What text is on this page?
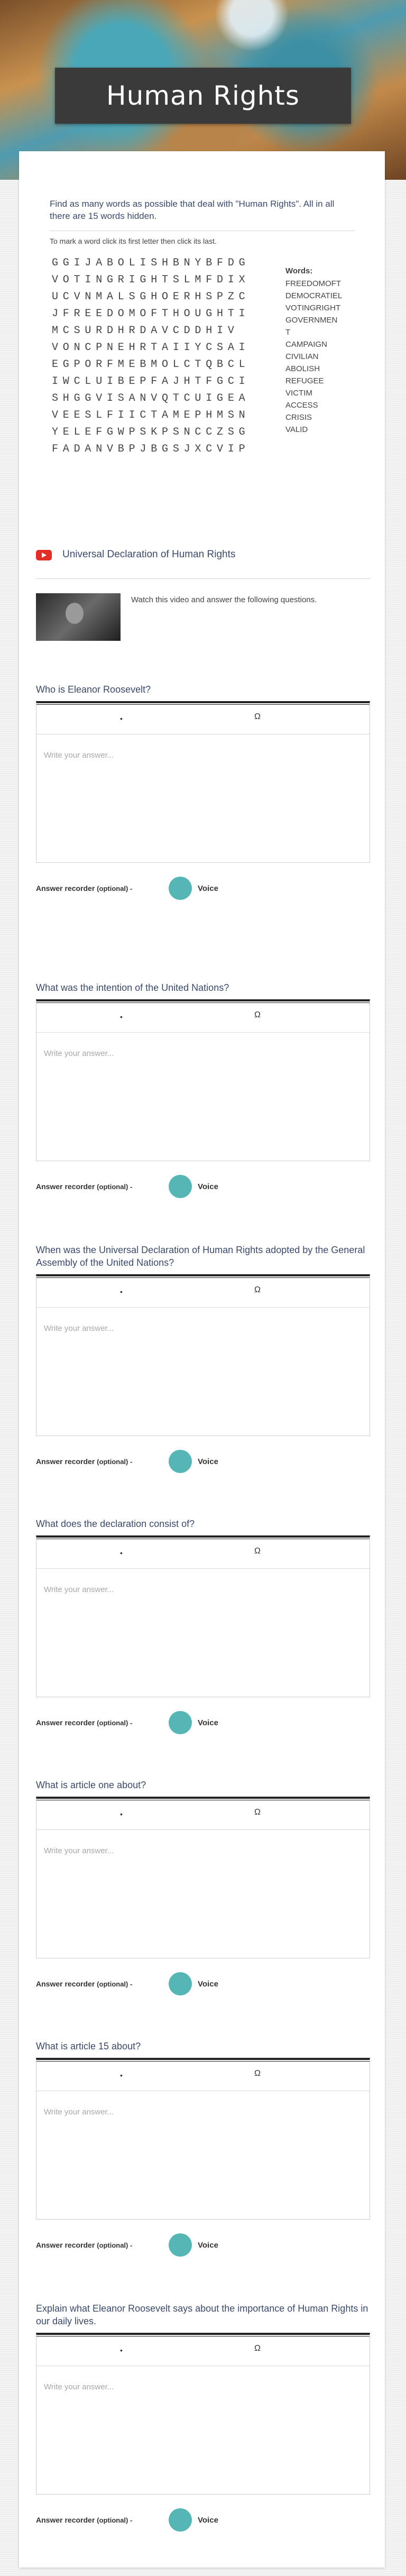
Human Rights
Find as many words as possible that deal with "Human Rights". All in all there are 15 words hidden.
To mark a word click its first letter then click its last.
GGIJABOLISHBNYBFDG
VOTINGRIGHTSLMFDIX
UCVNMALSGHOERHSPZC
JFREEDOMOFTHOUGHTI
MCSURDHRDAVCDDHIV
VONCPNEHRTAIIYCSAI
EGPORFMEBMOLCTQBCL
IWCLUIBEPFAJHTFGCI
SHGGVISANVQTCUIGEA
VEESLFIICTAMEPHMSN
YELEFGWPSKPSNCCZSG
FADANVBPJBGSJXCVIP
Words:
FREEDOMOFT
DEMOCRATIEL
VOTINGRIGHT
GOVERNMEN
T
CAMPAIGN
CIVILIAN
ABOLISH
REFUGEE
VICTIM
ACCESS
CRISIS
VALID
Universal Declaration of Human Rights
Watch this video and answer the following questions.
Who is Eleanor Roosevelt?
•	Ω
Write your answer...
Answer recorder (optional) -	Voice
What was the intention of the United Nations?
•	Ω
Write your answer...
Answer recorder (optional) -	Voice
When was the Universal Declaration of Human Rights adopted by the General Assembly of the United Nations?
•	Ω
Write your answer...
Answer recorder (optional) -	Voice
What does the declaration consist of?
•	Ω
Write your answer...
Answer recorder (optional) -	Voice
What is article one about?
•	Ω
Write your answer...
Answer recorder (optional) -	Voice
What is article 15 about?
•	Ω
Write your answer...
Answer recorder (optional) -	Voice
Explain what Eleanor Roosevelt says about the importance of Human Rights in our daily lives.
•	Ω
Write your answer...
Answer recorder (optional) -	Voice
